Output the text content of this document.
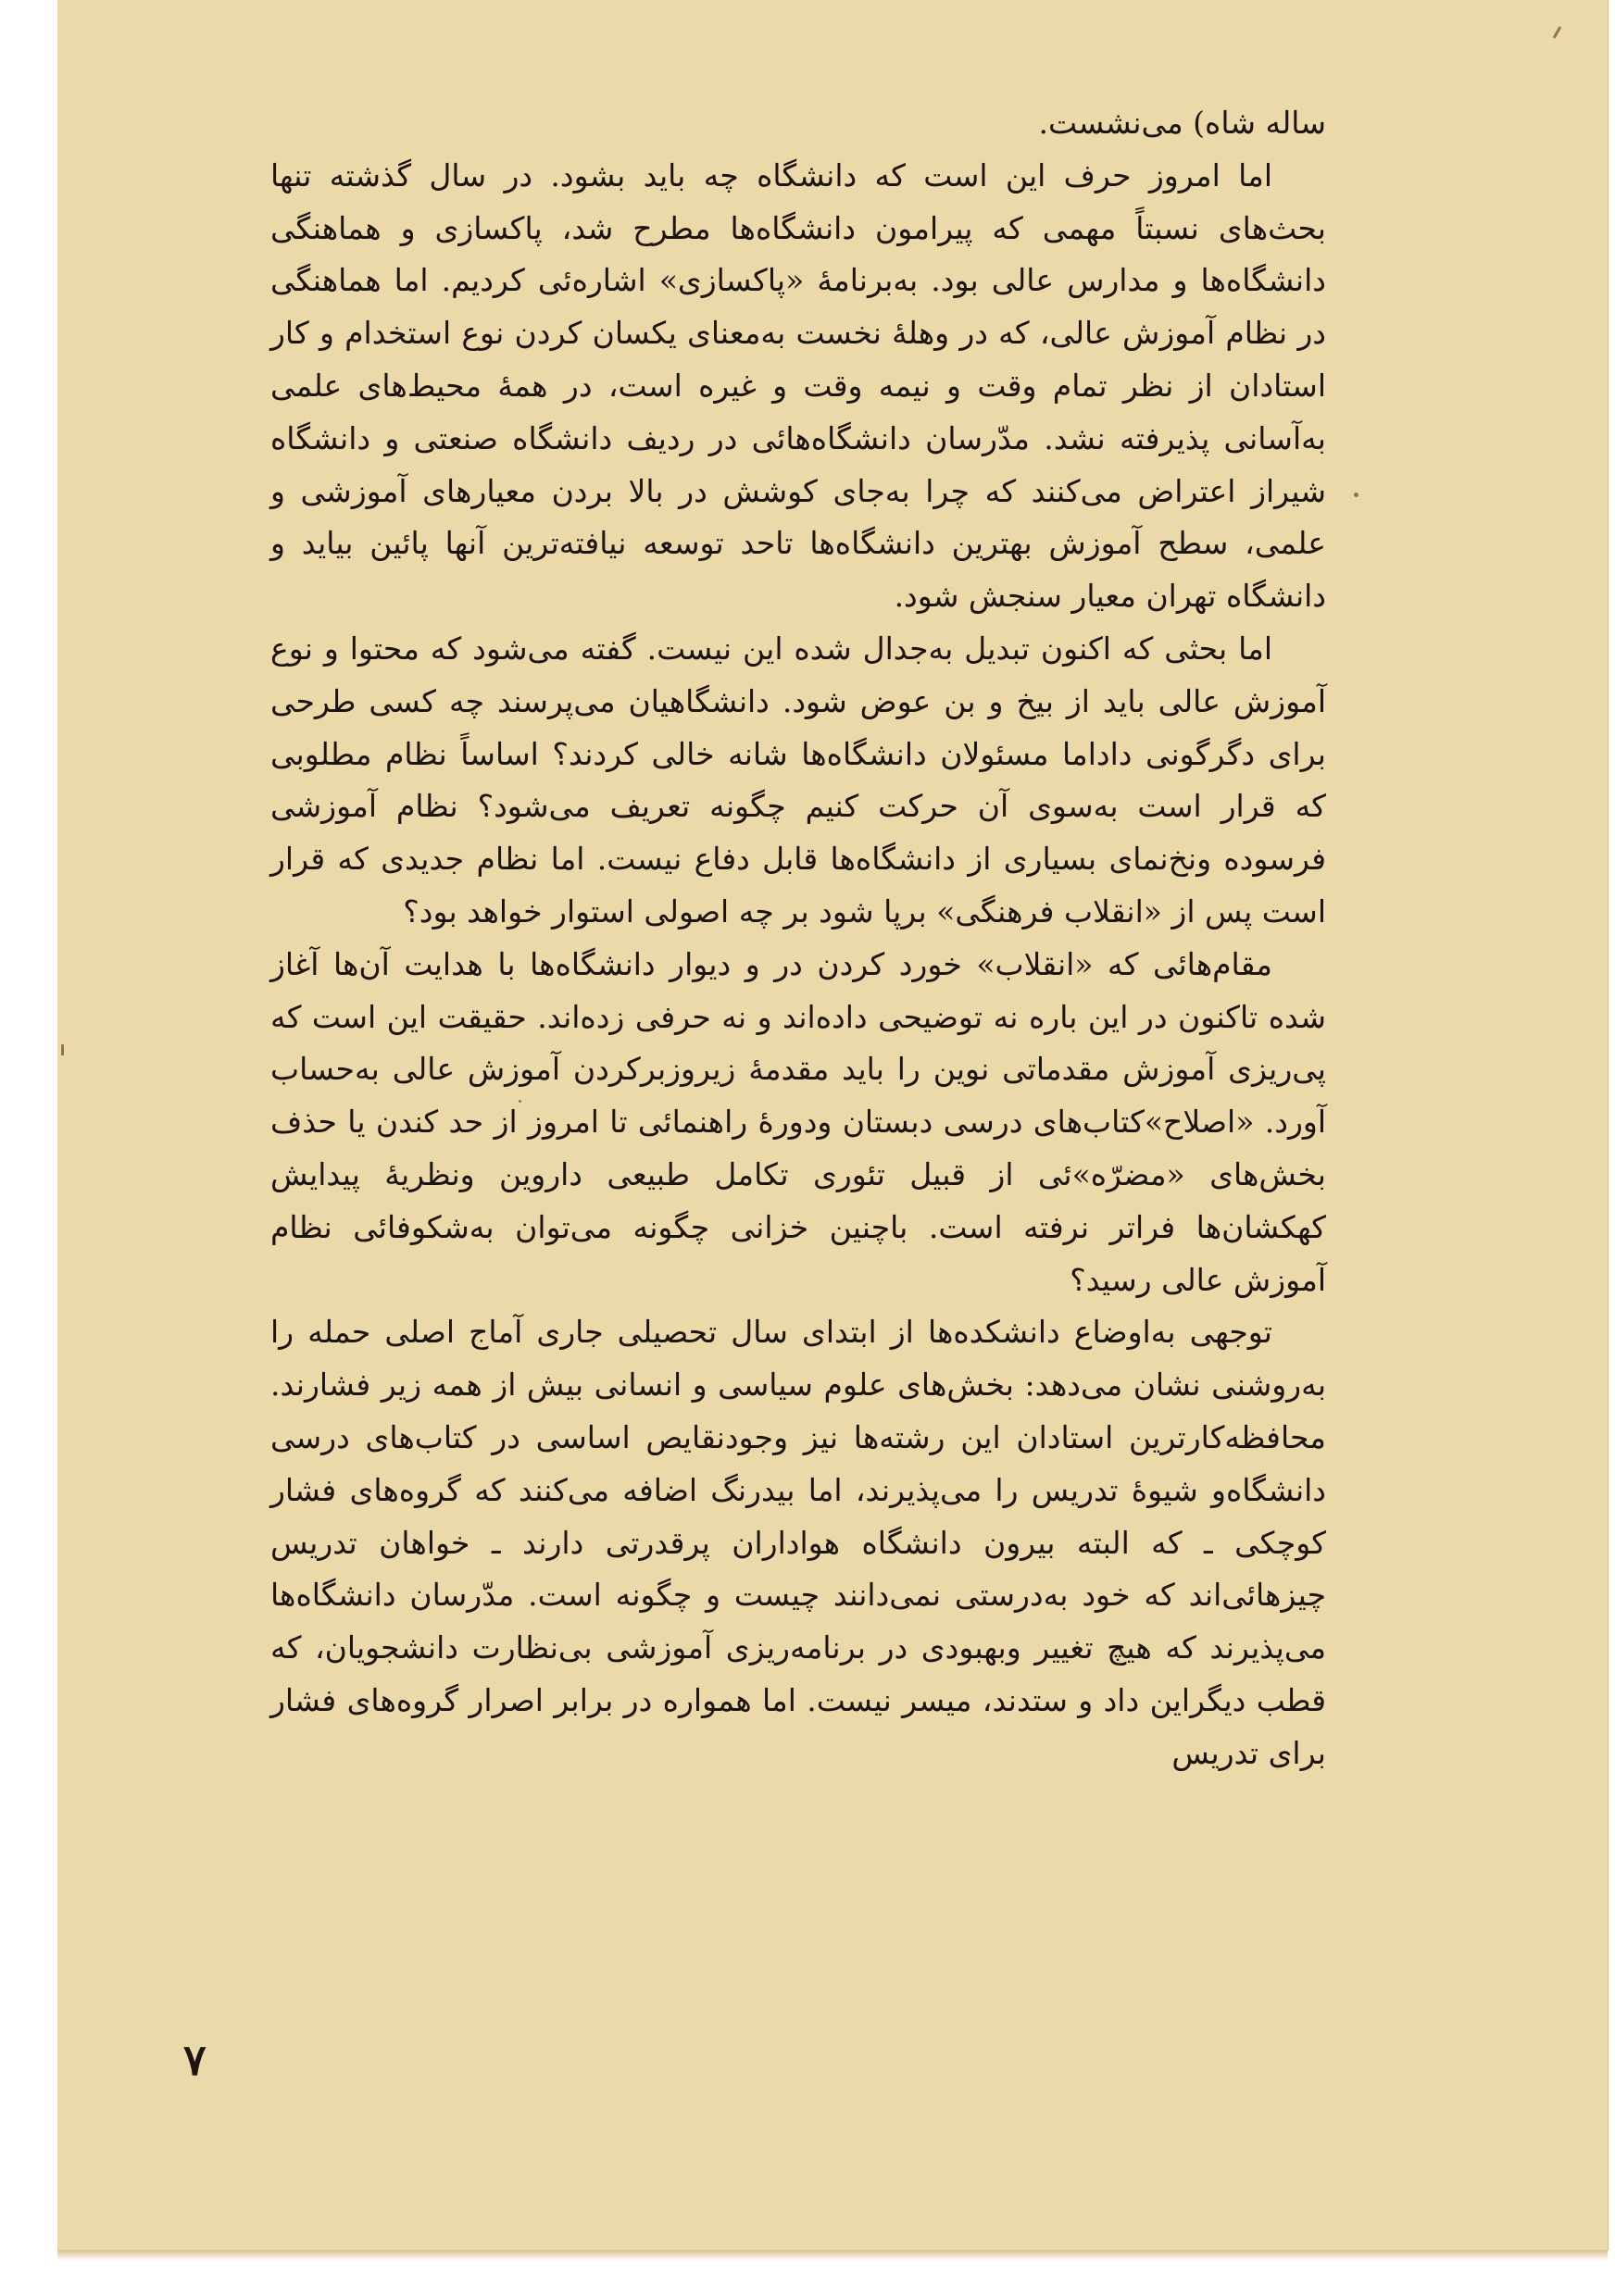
ساله شاه) می‌نشست.

اما امروز حرف این است که دانشگاه چه باید بشود. در سال گذشته تنها بحث‌های نسبتاً مهمی که پیرامون دانشگاه‌ها مطرح شد، پاکسازی و هماهنگی دانشگاه‌ها و مدارس عالی بود. به‌برنامهٔ «پاکسازی» اشاره‌ئی کردیم. اما هماهنگی در نظام آموزش عالی، که در وهلهٔ نخست به‌معنای یکسان کردن نوع استخدام و کار استادان از نظر تمام وقت و نیمه وقت و غیره است، در همهٔ محیط‌های علمی به‌آسانی پذیرفته نشد. مدّرسان دانشگاه‌هائی در ردیف دانشگاه صنعتی و دانشگاه شیراز اعتراض می‌کنند که چرا به‌جای کوشش در بالا بردن معیارهای آموزشی و علمی، سطح آموزش بهترین دانشگاه‌ها تاحد توسعه نیافته‌ترین آنها پائین بیاید و دانشگاه تهران معیار سنجش شود.

اما بحثی که اکنون تبدیل به‌جدال شده این نیست. گفته می‌شود که محتوا و نوع آموزش عالی باید از بیخ و بن عوض شود. دانشگاهیان می‌پرسند چه کسی طرحی برای دگرگونی داداما مسئولان دانشگاه‌ها شانه خالی کردند؟ اساساً نظام مطلوبی که قرار است به‌سوی آن حرکت کنیم چگونه تعریف می‌شود؟ نظام آموزشی فرسوده ونخ‌نمای بسیاری از دانشگاه‌ها قابل دفاع نیست. اما نظام جدیدی که قرار است پس از «انقلاب فرهنگی» برپا شود بر چه اصولی استوار خواهد بود؟

مقام‌هائی که «انقلاب» خورد کردن در و دیوار دانشگاه‌ها با هدایت آن‌ها آغاز شده تاکنون در این باره نه توضیحی داده‌اند و نه حرفی زده‌اند. حقیقت این است که پی‌ریزی آموزش مقدماتی نوین را باید مقدمهٔ زیروزبرکردن آموزش عالی به‌حساب آورد. «اصلاح»کتاب‌های درسی دبستان ودورهٔ راهنمائی تا امروز از حد کندن یا حذف بخش‌های «مضرّه»ئی از قبیل تئوری تکامل طبیعی داروین ونظریهٔ پیدایش کهکشان‌ها فراتر نرفته است. باچنین خزانی چگونه می‌توان به‌شکوفائی نظام آموزش عالی رسید؟

توجهی به‌اوضاع دانشکده‌ها از ابتدای سال تحصیلی جاری آماج اصلی حمله را به‌روشنی نشان می‌دهد: بخش‌های علوم سیاسی و انسانی بیش از همه زیر فشارند. محافظه‌کارترین استادان این رشته‌ها نیز وجودنقایص اساسی در کتاب‌های درسی دانشگاه‌و شیوهٔ تدریس را می‌پذیرند، اما بیدرنگ اضافه می‌کنند که گروه‌های فشار کوچکی ـ که البته بیرون دانشگاه هواداران پرقدرتی دارند ـ خواهان تدریس چیزهائی‌اند که خود به‌درستی نمی‌دانند چیست و چگونه است. مدّرسان دانشگاه‌ها می‌پذیرند که هیچ تغییر وبهبودی در برنامه‌ریزی آموزشی بی‌نظارت دانشجویان، که قطب دیگراین داد و ستدند، میسر نیست. اما همواره در برابر اصرار گروه‌های فشار برای تدریس

۷
